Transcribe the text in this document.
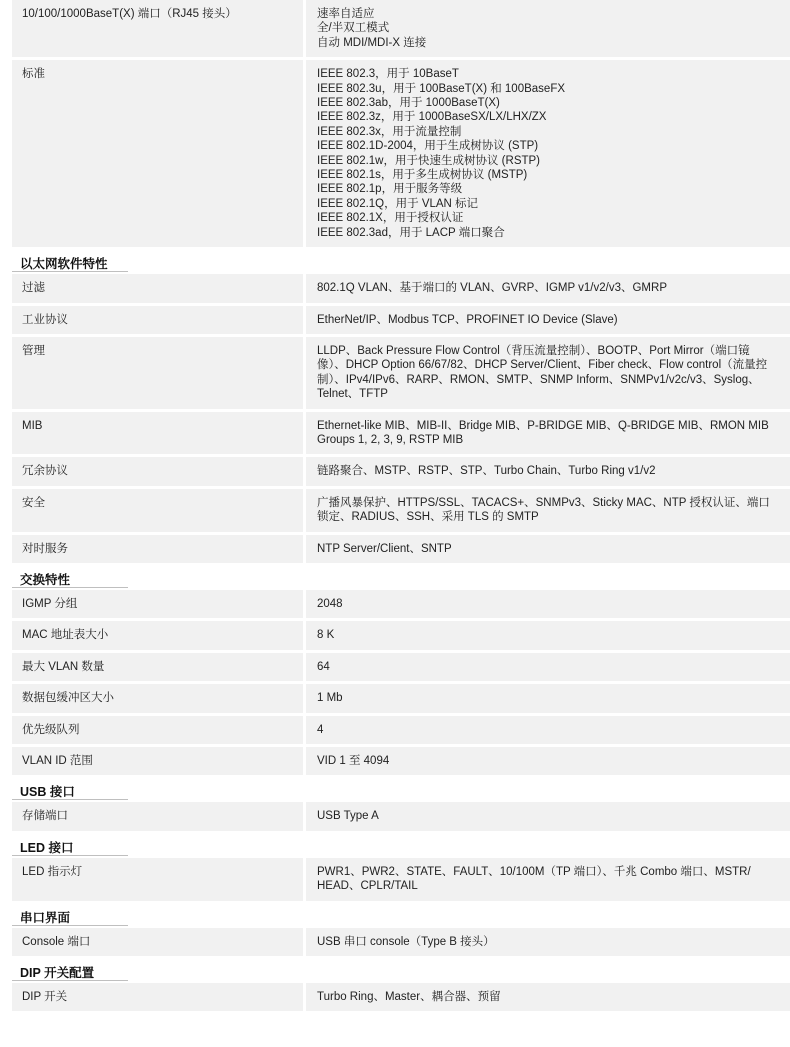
10/100/1000BaseT(X) 端口（RJ45 接头）	速率自适应
全/半双工模式
自动 MDI/MDI-X 连接
标准	IEEE 802.3，用于 10BaseT
IEEE 802.3u，用于 100BaseT(X) 和 100BaseFX
IEEE 802.3ab，用于 1000BaseT(X)
IEEE 802.3z，用于 1000BaseSX/LX/LHX/ZX
IEEE 802.3x，用于流量控制
IEEE 802.1D-2004，用于生成树协议 (STP)
IEEE 802.1w，用于快速生成树协议 (RSTP)
IEEE 802.1s，用于多生成树协议 (MSTP)
IEEE 802.1p，用于服务等级
IEEE 802.1Q，用于 VLAN 标记
IEEE 802.1X，用于授权认证
IEEE 802.3ad，用于 LACP 端口聚合
以太网软件特性
过滤	802.1Q VLAN、基于端口的 VLAN、GVRP、IGMP v1/v2/v3、GMRP
工业协议	EtherNet/IP、Modbus TCP、PROFINET IO Device (Slave)
管理	LLDP、Back Pressure Flow Control（背压流量控制）、BOOTP、Port Mirror（端口镜
像）、DHCP Option 66/67/82、DHCP Server/Client、Fiber check、Flow control（流量控
制）、IPv4/IPv6、RARP、RMON、SMTP、SNMP Inform、SNMPv1/v2c/v3、Syslog、
Telnet、TFTP
MIB	Ethernet-like MIB、MIB-II、Bridge MIB、P-BRIDGE MIB、Q-BRIDGE MIB、RMON MIB
Groups 1, 2, 3, 9, RSTP MIB
冗余协议	链路聚合、MSTP、RSTP、STP、Turbo Chain、Turbo Ring v1/v2
安全	广播风暴保护、HTTPS/SSL、TACACS+、SNMPv3、Sticky MAC、NTP 授权认证、端口
锁定、RADIUS、SSH、采用 TLS 的 SMTP
对时服务	NTP Server/Client、SNTP
交换特性
IGMP 分组	2048
MAC 地址表大小	8 K
最大 VLAN 数量	64
数据包缓冲区大小	1 Mb
优先级队列	4
VLAN ID 范围	VID 1 至 4094
USB 接口
存储端口	USB Type A
LED 接口
LED 指示灯	PWR1、PWR2、STATE、FAULT、10/100M（TP 端口）、千兆 Combo 端口、MSTR/
HEAD、CPLR/TAIL
串口界面
Console 端口	USB 串口 console（Type B 接头）
DIP 开关配置
DIP 开关	Turbo Ring、Master、耦合器、预留
